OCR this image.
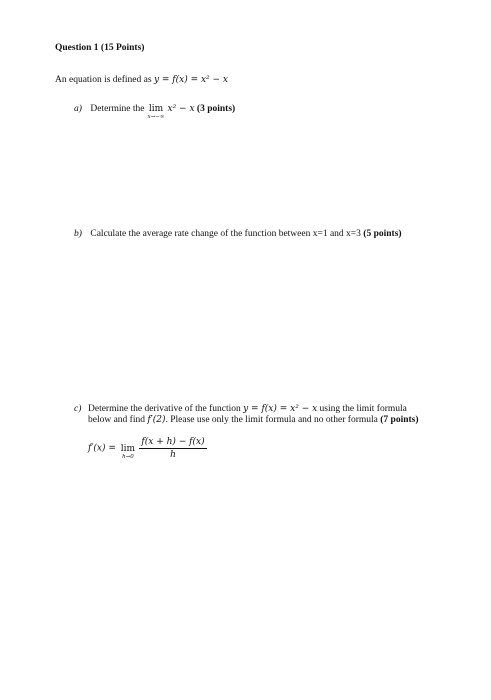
Question 1 (15 Points)
An equation is defined as y = f(x) = x² − x
a) Determine the lim
x→−∞
x² − x (3 points)
b) Calculate the average rate change of the function between x=1 and x=3 (5 points)
c) Determine the derivative of the function y = f(x) = x² − x using the limit formula
below and find f′(2). Please use only the limit formula and no other formula (7 points)
f′(x) = lim
h→0
$\frac{f(x + h) - f(x)}{h}$
